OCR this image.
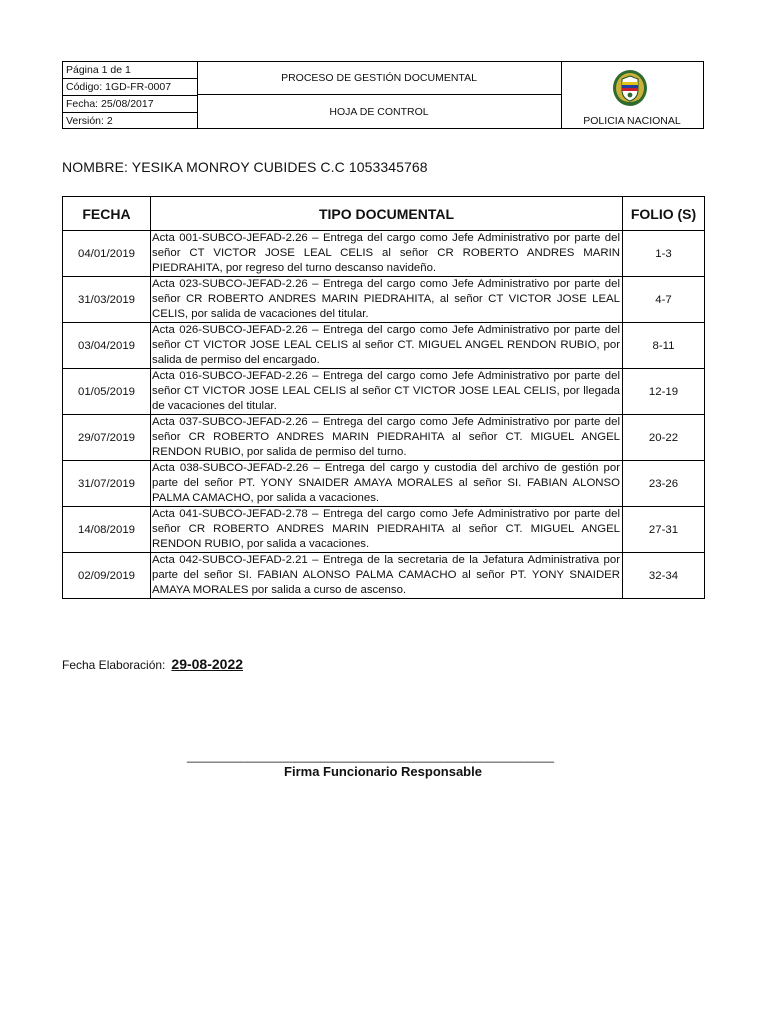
Página 1 de 1
Código: 1GD-FR-0007
Fecha: 25/08/2017
Versión: 2
PROCESO DE GESTIÓN DOCUMENTAL
HOJA DE CONTROL
POLICIA NACIONAL
NOMBRE: YESIKA MONROY CUBIDES C.C 1053345768
FECHA	TIPO DOCUMENTAL	FOLIO (S)
04/01/2019	Acta 001-SUBCO-JEFAD-2.26 – Entrega del cargo como Jefe Administrativo por parte del señor CT VICTOR JOSE LEAL CELIS al señor CR ROBERTO ANDRES MARIN PIEDRAHITA, por regreso del turno descanso navideño.	1-3
31/03/2019	Acta 023-SUBCO-JEFAD-2.26 – Entrega del cargo como Jefe Administrativo por parte del señor CR ROBERTO ANDRES MARIN PIEDRAHITA, al señor CT VICTOR JOSE LEAL CELIS, por salida de vacaciones del titular.	4-7
03/04/2019	Acta 026-SUBCO-JEFAD-2.26 – Entrega del cargo como Jefe Administrativo por parte del señor CT VICTOR JOSE LEAL CELIS al señor CT. MIGUEL ANGEL RENDON RUBIO, por salida de permiso del encargado.	8-11
01/05/2019	Acta 016-SUBCO-JEFAD-2.26 – Entrega del cargo como Jefe Administrativo por parte del señor CT VICTOR JOSE LEAL CELIS al señor CT VICTOR JOSE LEAL CELIS, por llegada de vacaciones del titular.	12-19
29/07/2019	Acta 037-SUBCO-JEFAD-2.26 – Entrega del cargo como Jefe Administrativo por parte del señor CR ROBERTO ANDRES MARIN PIEDRAHITA al señor CT. MIGUEL ANGEL RENDON RUBIO, por salida de permiso del turno.	20-22
31/07/2019	Acta 038-SUBCO-JEFAD-2.26 – Entrega del cargo y custodia del archivo de gestión por parte del señor PT. YONY SNAIDER AMAYA MORALES al señor SI. FABIAN ALONSO PALMA CAMACHO, por salida a vacaciones.	23-26
14/08/2019	Acta 041-SUBCO-JEFAD-2.78 – Entrega del cargo como Jefe Administrativo por parte del señor CR ROBERTO ANDRES MARIN PIEDRAHITA al señor CT. MIGUEL ANGEL RENDON RUBIO, por salida a vacaciones.	27-31
02/09/2019	Acta 042-SUBCO-JEFAD-2.21 – Entrega de la secretaria de la Jefatura Administrativa por parte del señor SI. FABIAN ALONSO PALMA CAMACHO al señor PT. YONY SNAIDER AMAYA MORALES por salida a curso de ascenso.	32-34
Fecha Elaboración: 29-08-2022
_______________________________________________________
Firma Funcionario Responsable
